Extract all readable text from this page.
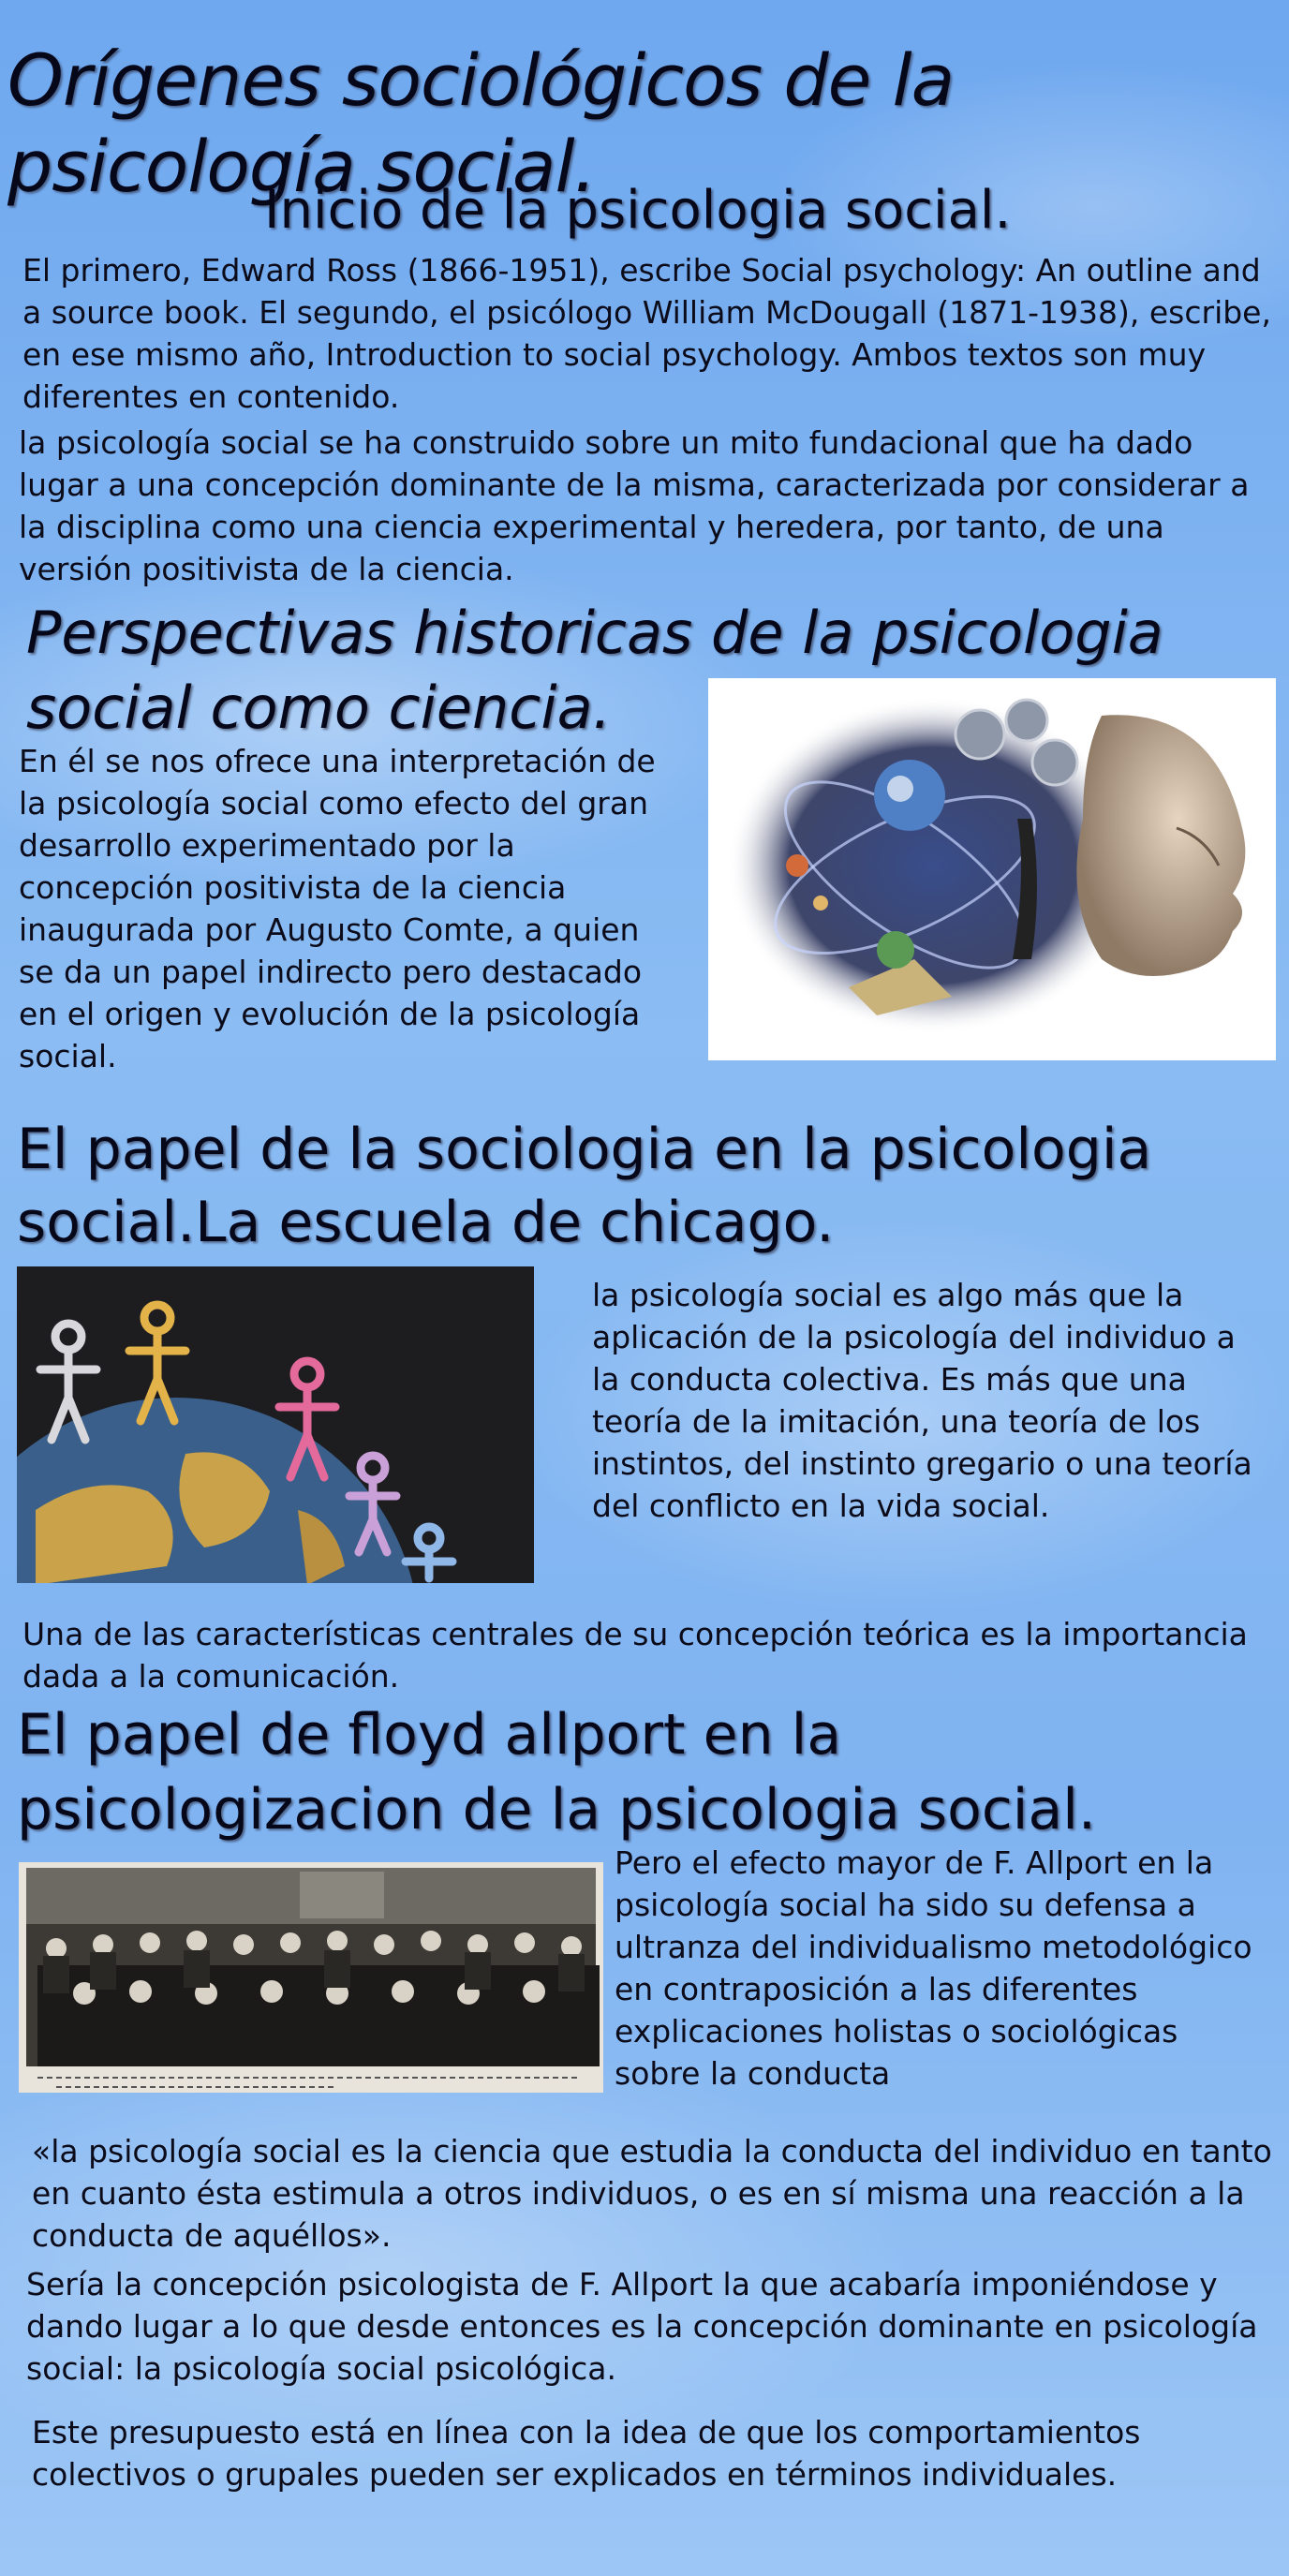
Orígenes sociológicos de la psicología social.
Inicio de la psicologia social.

El primero, Edward Ross (1866-1951), escribe Social psychology: An outline and a source book. El segundo, el psicólogo William McDougall (1871-1938), escribe, en ese mismo año, Introduction to social psychology. Ambos textos son muy diferentes en contenido.

la psicología social se ha construido sobre un mito fundacional que ha dado lugar a una concepción dominante de la misma, caracterizada por considerar a la disciplina como una ciencia experimental y heredera, por tanto, de una versión positivista de la ciencia.

Perspectivas historicas de la psicologia social como ciencia.

En él se nos ofrece una interpretación de la psicología social como efecto del gran desarrollo experimentado por la concepción positivista de la ciencia inaugurada por Augusto Comte, a quien se da un papel indirecto pero destacado en el origen y evolución de la psicología social.

El papel de la sociologia en la psicologia social.La escuela de chicago.

la psicología social es algo más que la aplicación de la psicología del individuo a la conducta colectiva. Es más que una teoría de la imitación, una teoría de los instintos, del instinto gregario o una teoría del conflicto en la vida social.

Una de las características centrales de su concepción teórica es la importancia dada a la comunicación.

El papel de floyd allport en la psicologizacion de la psicologia social.

Pero el efecto mayor de F. Allport en la psicología social ha sido su defensa a ultranza del individualismo metodológico en contraposición a las diferentes explicaciones holistas o sociológicas sobre la conducta

«la psicología social es la ciencia que estudia la conducta del individuo en tanto en cuanto ésta estimula a otros individuos, o es en sí misma una reacción a la conducta de aquéllos».

Sería la concepción psicologista de F. Allport la que acabaría imponiéndose y dando lugar a lo que desde entonces es la concepción dominante en psicología social: la psicología social psicológica.

Este presupuesto está en línea con la idea de que los comportamientos colectivos o grupales pueden ser explicados en términos individuales.
